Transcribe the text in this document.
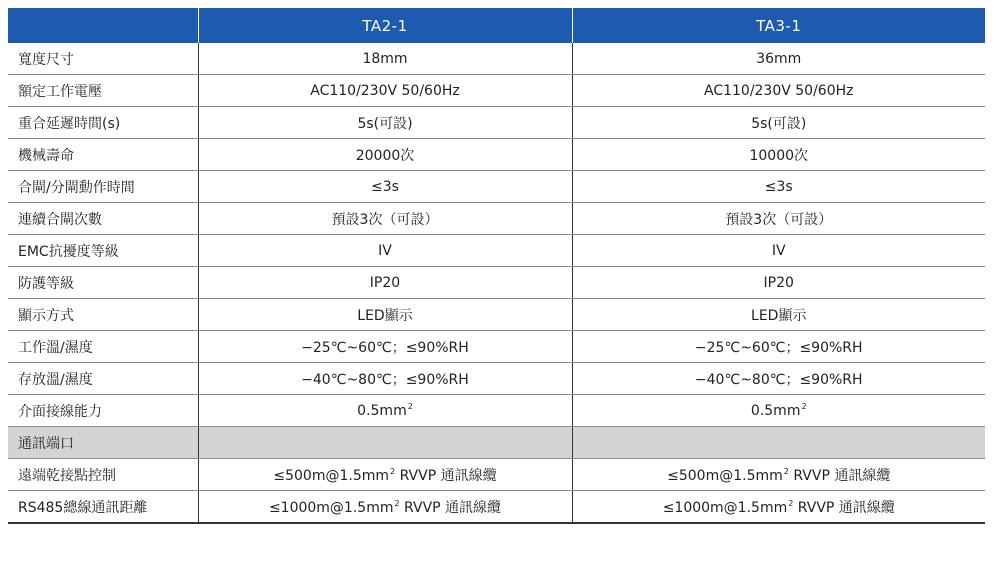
	TA2-1	TA3-1
寬度尺寸	18mm	36mm
額定工作電壓	AC110/230V 50/60Hz	AC110/230V 50/60Hz
重合延遲時間(s)	5s(可設)	5s(可設)
機械壽命	20000次	10000次
合閘/分閘動作時間	≤3s	≤3s
連續合閘次數	預設3次（可設）	預設3次（可設）
EMC抗擾度等級	IV	IV
防護等級	IP20	IP20
顯示方式	LED顯示	LED顯示
工作溫/濕度	−25℃~60℃；≤90%RH	−25℃~60℃；≤90%RH
存放溫/濕度	−40℃~80℃；≤90%RH	−40℃~80℃；≤90%RH
介面接線能力	$0.5mm^2$	$0.5mm^2$
通訊端口		
遠端乾接點控制	$\le 500m@1.5mm^2$ RVVP 通訊線纜	$\le 500m@1.5mm^2$ RVVP 通訊線纜
RS485總線通訊距離	$\le 1000m@1.5mm^2$ RVVP 通訊線纜	$\le 1000m@1.5mm^2$ RVVP 通訊線纜
